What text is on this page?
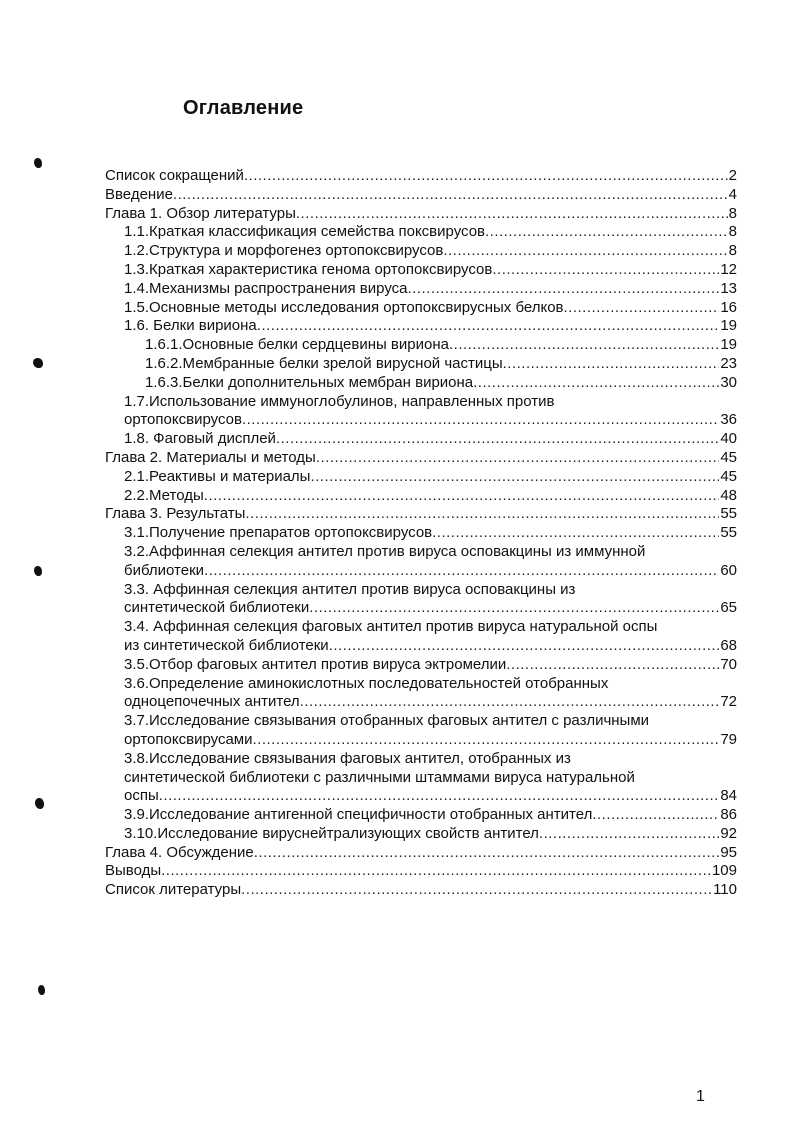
Оглавление
Список сокращений .....	2
Введение .....	4
Глава 1. Обзор литературы .....	8
1.1.Краткая классификация семейства поксвирусов .....	8
1.2.Структура и морфогенез ортопоксвирусов .....	8
1.3.Краткая характеристика генома ортопоксвирусов .....	12
1.4.Механизмы распространения вируса .....	13
1.5.Основные методы исследования ортопоксвирусных белков .....	16
1.6. Белки вириона .....	19
1.6.1.Основные белки сердцевины вириона .....	19
1.6.2.Мембранные белки зрелой вирусной частицы .....	23
1.6.3.Белки дополнительных мембран вириона .....	30
1.7.Использование иммуноглобулинов, направленных против
ортопоксвирусов .....	36
1.8. Фаговый дисплей .....	40
Глава 2. Материалы и методы .....	45
2.1.Реактивы и материалы .....	45
2.2.Методы .....	48
Глава 3. Результаты .....	55
3.1.Получение препаратов ортопоксвирусов .....	55
3.2.Аффинная селекция антител против вируса осповакцины из иммунной
библиотеки .....	60
3.3. Аффинная селекция антител против вируса осповакцины из
синтетической библиотеки .....	65
3.4. Аффинная селекция фаговых антител против вируса натуральной оспы
из синтетической библиотеки .....	68
3.5.Отбор фаговых антител против вируса эктромелии .....	70
3.6.Определение аминокислотных последовательностей отобранных
одноцепочечных антител .....	72
3.7.Исследование связывания отобранных фаговых антител с различными
ортопоксвирусами .....	79
3.8.Исследование связывания фаговых антител, отобранных из
синтетической библиотеки с различными штаммами вируса натуральной
оспы .....	84
3.9.Исследование антигенной специфичности отобранных антител .....	86
3.10.Исследование вируснейтрализующих свойств антител .....	92
Глава 4. Обсуждение .....	95
Выводы .....	109
Список литературы .....	110
1
